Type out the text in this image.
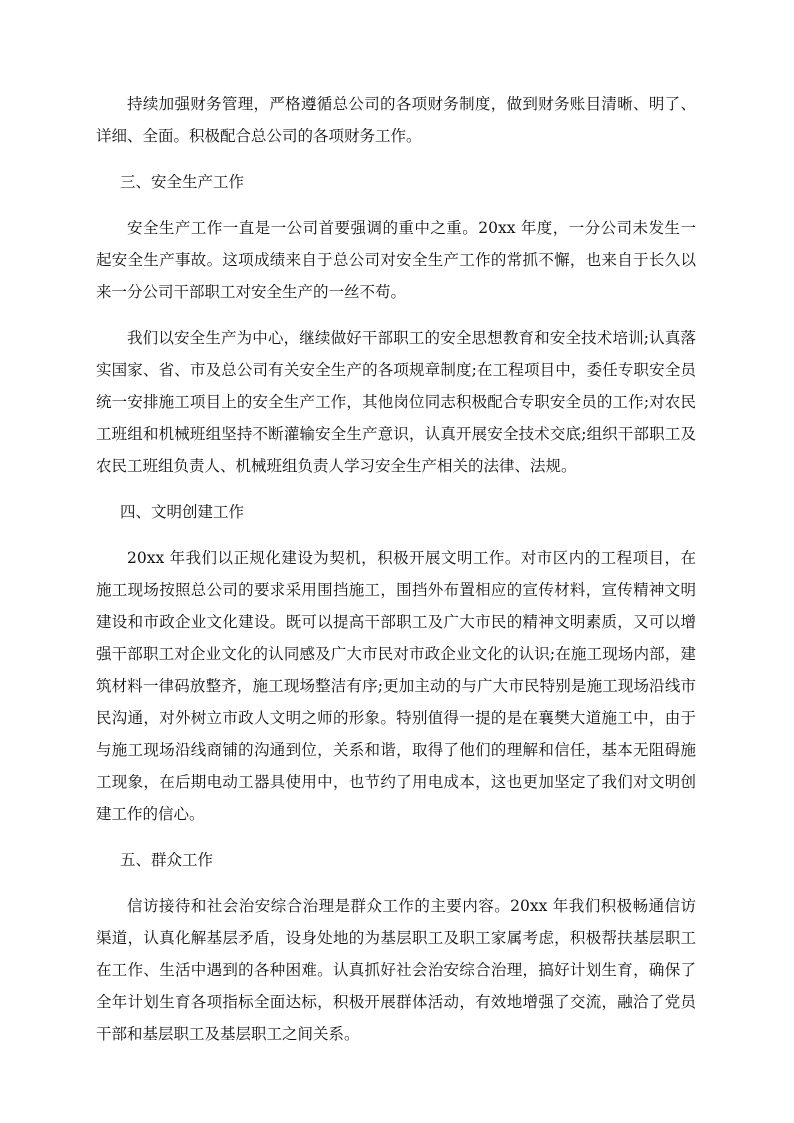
持续加强财务管理，严格遵循总公司的各项财务制度，做到财务账目清晰、明了、详细、全面。积极配合总公司的各项财务工作。

三、安全生产工作

安全生产工作一直是一公司首要强调的重中之重。20xx 年度，一分公司未发生一起安全生产事故。这项成绩来自于总公司对安全生产工作的常抓不懈，也来自于长久以来一分公司干部职工对安全生产的一丝不苟。

我们以安全生产为中心，继续做好干部职工的安全思想教育和安全技术培训;认真落实国家、省、市及总公司有关安全生产的各项规章制度;在工程项目中，委任专职安全员统一安排施工项目上的安全生产工作，其他岗位同志积极配合专职安全员的工作;对农民工班组和机械班组坚持不断灌输安全生产意识，认真开展安全技术交底;组织干部职工及农民工班组负责人、机械班组负责人学习安全生产相关的法律、法规。

四、文明创建工作

20xx 年我们以正规化建设为契机，积极开展文明工作。对市区内的工程项目，在施工现场按照总公司的要求采用围挡施工，围挡外布置相应的宣传材料，宣传精神文明建设和市政企业文化建设。既可以提高干部职工及广大市民的精神文明素质，又可以增强干部职工对企业文化的认同感及广大市民对市政企业文化的认识;在施工现场内部，建筑材料一律码放整齐，施工现场整洁有序;更加主动的与广大市民特别是施工现场沿线市民沟通，对外树立市政人文明之师的形象。特别值得一提的是在襄樊大道施工中，由于与施工现场沿线商铺的沟通到位，关系和谐，取得了他们的理解和信任，基本无阻碍施工现象，在后期电动工器具使用中，也节约了用电成本，这也更加坚定了我们对文明创建工作的信心。

五、群众工作

信访接待和社会治安综合治理是群众工作的主要内容。20xx 年我们积极畅通信访渠道，认真化解基层矛盾，设身处地的为基层职工及职工家属考虑，积极帮扶基层职工在工作、生活中遇到的各种困难。认真抓好社会治安综合治理，搞好计划生育，确保了全年计划生育各项指标全面达标，积极开展群体活动，有效地增强了交流，融洽了党员干部和基层职工及基层职工之间关系。
